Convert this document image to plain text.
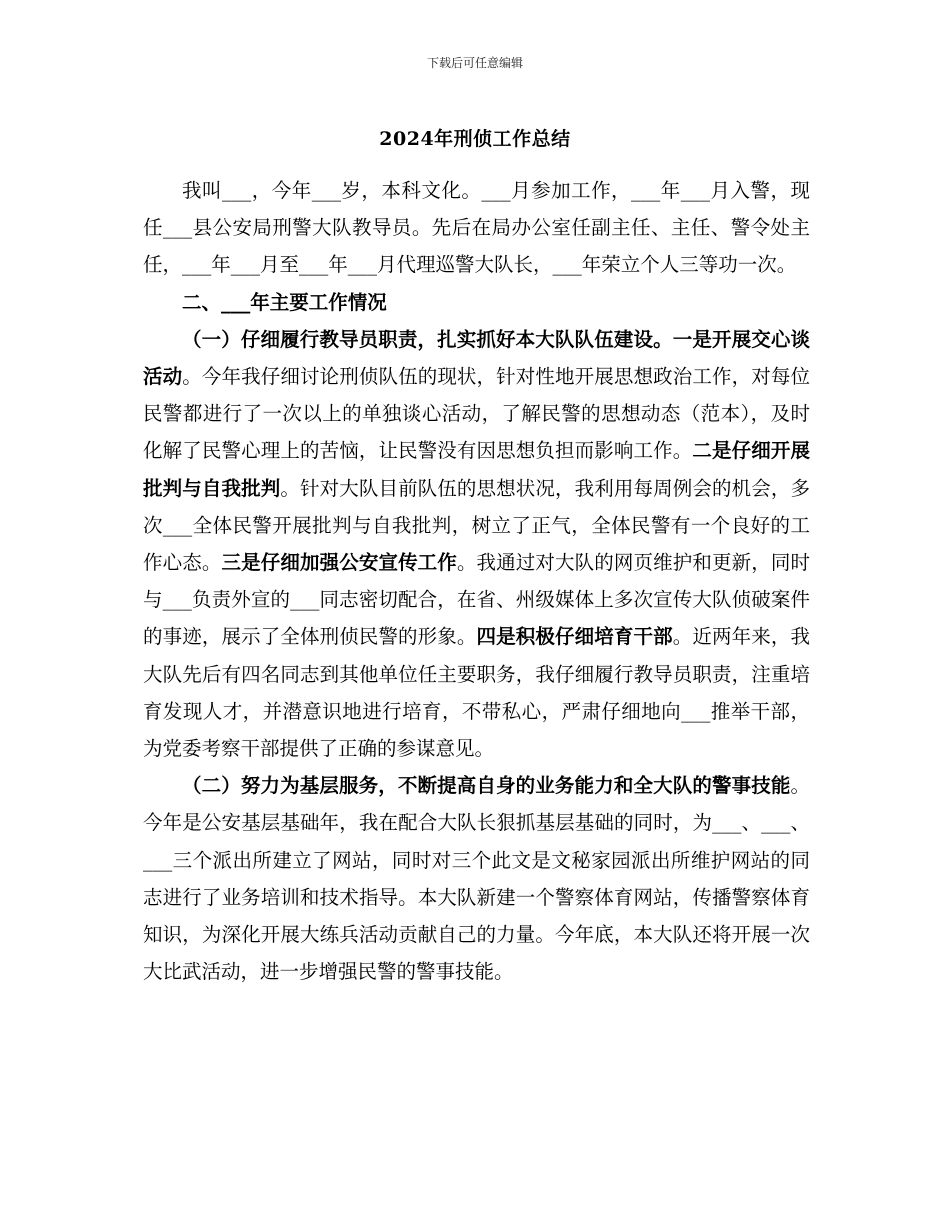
下载后可任意编辑
2024年刑侦工作总结

我叫___，今年___岁，本科文化。___月参加工作，___年___月入警，现任___县公安局刑警大队教导员。先后在局办公室任副主任、主任、警令处主任，___年___月至___年___月代理巡警大队长，___年荣立个人三等功一次。

二、___年主要工作情况

（一）仔细履行教导员职责，扎实抓好本大队队伍建设。一是开展交心谈活动。今年我仔细讨论刑侦队伍的现状，针对性地开展思想政治工作，对每位民警都进行了一次以上的单独谈心活动，了解民警的思想动态（范本），及时化解了民警心理上的苦恼，让民警没有因思想负担而影响工作。二是仔细开展批判与自我批判。针对大队目前队伍的思想状况，我利用每周例会的机会，多次___全体民警开展批判与自我批判，树立了正气，全体民警有一个良好的工作心态。三是仔细加强公安宣传工作。我通过对大队的网页维护和更新，同时与___负责外宣的___同志密切配合，在省、州级媒体上多次宣传大队侦破案件的事迹，展示了全体刑侦民警的形象。四是积极仔细培育干部。近两年来，我大队先后有四名同志到其他单位任主要职务，我仔细履行教导员职责，注重培育发现人才，并潜意识地进行培育，不带私心，严肃仔细地向___推举干部，为党委考察干部提供了正确的参谋意见。

（二）努力为基层服务，不断提高自身的业务能力和全大队的警事技能。今年是公安基层基础年，我在配合大队长狠抓基层基础的同时，为___、___、___三个派出所建立了网站，同时对三个此文是文秘家园派出所维护网站的同志进行了业务培训和技术指导。本大队新建一个警察体育网站，传播警察体育知识，为深化开展大练兵活动贡献自己的力量。今年底，本大队还将开展一次大比武活动，进一步增强民警的警事技能。
